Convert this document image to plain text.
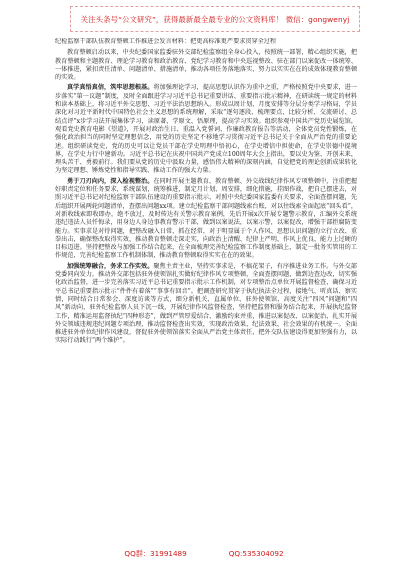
关注头条号“公文研究”，获得最新最全最专业的公文资料库！ 微信：gongwenyj

纪检监察干部队伍教育整顿工作推进会发言材料：把更高标准更严要求贯穿全过程

教育整顿启动以来，中央纪委国家监委驻外交部纪检监察组全身心投入，按照统一部署，精心组织实施，把教育整顿和主题教育、理论学习教育和政治教育、党纪学习教育和中央巡视整改、驻在部门以案促改一体统筹、一体推进，紧扣责任清单、问题清单、措施清单，推动各项任务落地落实，努力以实实在在的成效体现教育整顿的实效。

真学真悟真信，筑牢思想根基。将加强理论学习，提高思想认识作为重中之重，严格按照党中央要求，进一步落实“第一议题”制度，及时全面跟进学习习近平总书记重要讲话、重要指示批示精神，在研读统一规定的材料和读本基础上，将习近平外交思想、习近平法治思想纳入。形成以周计划、月度安排等分层分类学习格局，学员深化对习近平新时代中国特色社会主义思想的系统理解，采取“逐句逐段、梳理要点、比较分析、交流研讨、总结点评”x步学习法开展集体学习，读原著、学原文、悟原理，提高学习实效。组织参观中国共产党历史展览馆，观看党史教育电影《望道》，开展对政治生日、重温入党誓词、作廉政教育报告等活动，全体党员党性锻炼，在强化政治担当的同时坚定理想信念，用党的历史坚定不移地学习贯彻习近平总书记关于全面从严治党的重要论述。组织研读党史，党的历史可以让党员干部在学史明理中悟初心，在学史增信中担使命，在学史崇德中提境界，在学史力行中建新功。习近平总书记在庆祝中国共产党成立100周年大会上指出，要以史为鉴、开创未来，埋头苦干、勇毅前行。我们要从党的历史中汲取力量，感悟伟大精神的深刻内涵，自觉把党的理论创新成果转化为坚定理想、锤炼党性和指导实践、推动工作的强大力量。

勇于刀刃向内，深入检视整治。在同时开展主题教育、教育整顿、外交战线纪律作风专项整顿中，注重把握好职责定位和任务要求，系统谋划，统筹推进，制定月计划、周安排，细化措施，挂图作战，把自己摆进去，对照习近平总书记对纪检监察干部队伍建设的重要指示批示，对照中央纪委国家监委有关要求，全面查摆问题，先后组织开展两轮问题清单，查摆出问题xx项。建立纪检监察干部问题线索台账，对以往线索全面起底“回头看”，对新收线索即收即办，绝不放过，及时传达有关警示教育案例，先后开展x次开展专题警示教育，汇编外交系统违纪违法人员忏悔录，用身边人身边事教育警示干部，做到以案说法，以案示警，以案促改，增强干部拒腐防变能力。实事求是对待问题，把整改融入日常、抓在经常，对于明显属于个人作风、思想认识问题的立行立改、重拳出击，确保整改取得实效，推动教育整顿走深走实，向政治上清醒、纪律上严明、作风上优良、能力上过硬的目标迈进。坚持把整改与加强工作结合起来，在全面梳理完善纪检监察工作制度基础上，制定一批务实管用的工作规范，完善纪检监察工作机制体制，推动教育整顿取得实实在在的效果。

加强统筹融合，务求工作实效。聚焦主责主业，坚持实事求是，不搞花架子，有序推进业务工作。与外交部党委同向发力，推动外交部包括驻外使领馆扎实做好纪律作风专项整顿，全面查摆问题，做到边查边改，切实强化政治监督，进一步完善落实习近平总书记重要指示批示工作机制，对专项整治点单位开展监督检查，确保习近平总书记重要指示批示“件件有着落”“事事有回音”。把调查研究贯穿于执纪执法全过程，接地气、听真话、察实情，同时结合日常参会、深度访谈等方式，细分新机关、直属单位、驻外使领馆，高度关注“四风”问题和“四风”新动向，驻外纪检监察人员下沉一线，开展纪律作风监督检查，坚持把监督和服务结合起来，开展执纪监督工作，精准运用监督执纪“四种形态”，做到严管厚爱结合、激励约束并重，推进以案促改、以案促治，扎实开展外交领域违规违纪问题专项治理，推动监督检查出实效，实现政治效果、纪法效果、社会效果的有机统一。全面推进驻外单位纪律作风建设，督促驻外使领馆落实全面从严治党主体责任，把外交队伍建设得更加坚强有力，以实际行动践行“两个维护”。

QQ群：31991489	QQ:535304092
